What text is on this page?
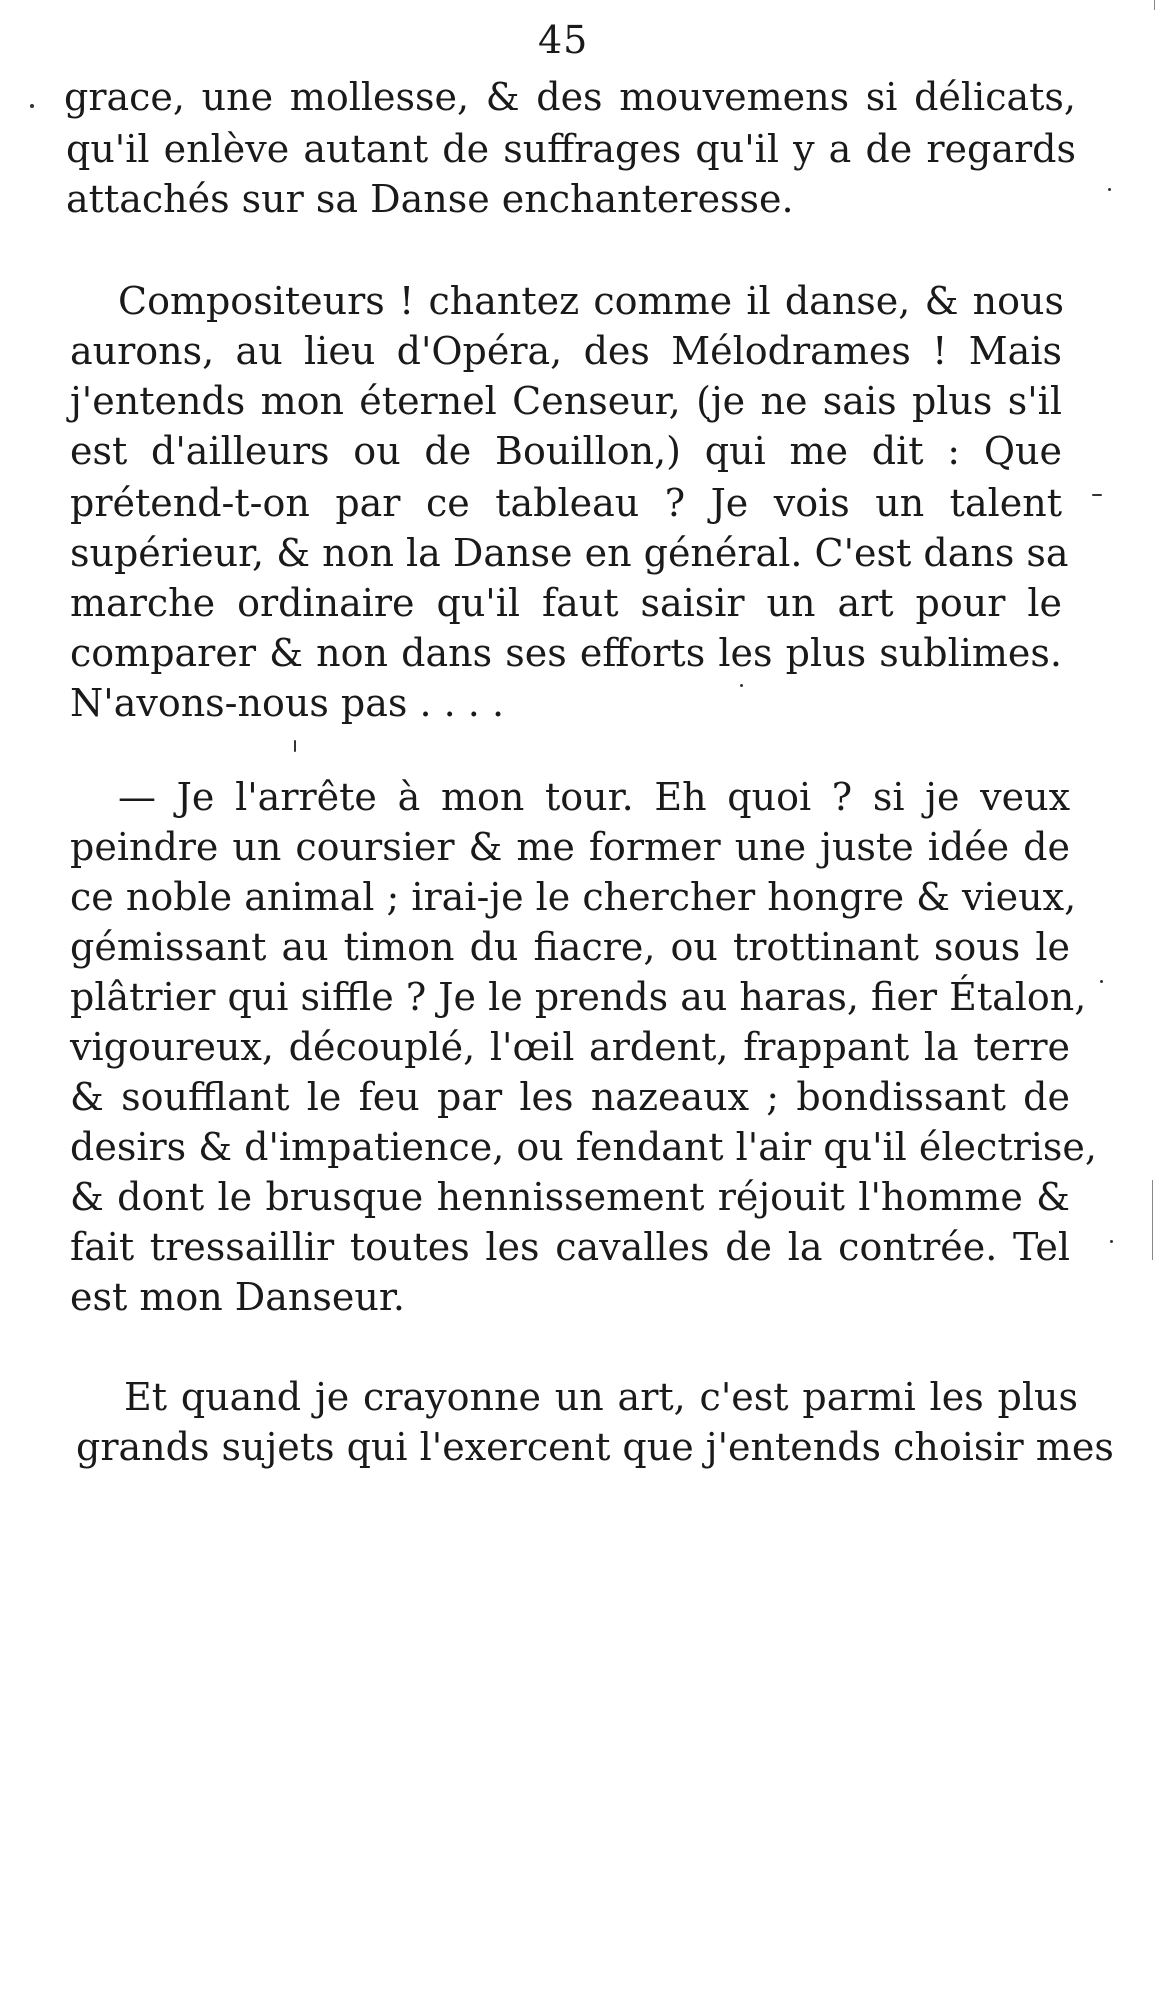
45
grace, une mollesse, & des mouvemens si délicats,
qu'il enlève autant de suffrages qu'il y a de regards
attachés sur sa Danse enchanteresse.
Compositeurs ! chantez comme il danse, & nous
aurons, au lieu d'Opéra, des Mélodrames ! Mais
j'entends mon éternel Censeur, (je ne sais plus s'il
est d'ailleurs ou de Bouillon,) qui me dit : Que
prétend-t-on par ce tableau ? Je vois un talent
supérieur, & non la Danse en général. C'est dans sa
marche ordinaire qu'il faut saisir un art pour le
comparer & non dans ses efforts les plus sublimes.
N'avons-nous pas . . . .
— Je l'arrête à mon tour. Eh quoi ? si je veux
peindre un coursier & me former une juste idée de
ce noble animal ; irai-je le chercher hongre & vieux,
gémissant au timon du fiacre, ou trottinant sous le
plâtrier qui siffle ? Je le prends au haras, fier Étalon,
vigoureux, découplé, l'œil ardent, frappant la terre
& soufflant le feu par les nazeaux ; bondissant de
desirs & d'impatience, ou fendant l'air qu'il électrise,
& dont le brusque hennissement réjouit l'homme &
fait tressaillir toutes les cavalles de la contrée. Tel
est mon Danseur.
Et quand je crayonne un art, c'est parmi les plus
grands sujets qui l'exercent que j'entends choisir mes
